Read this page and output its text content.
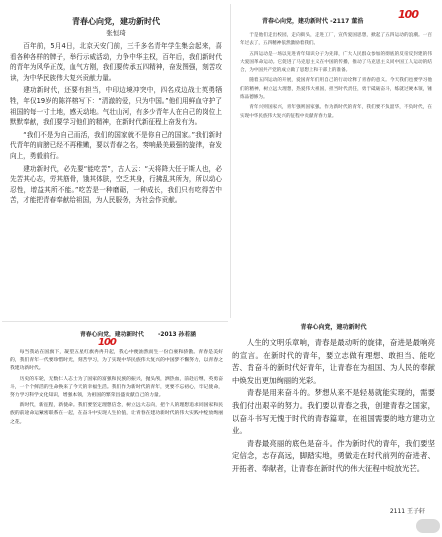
青春心向党，建功新时代
张恒琦

百年前，5月4日，北京天安门前，三千多名青年学生集会起来，喜看各种各样的牌子，举行示威活动，力争中华主权，百年后，我们新时代的青年为风华正茂，血气方刚，我们要传承五四精神，奋发图强，刻苦攻读，为中华民族伟大复兴贡献力量。

建功新时代，还要有担当，中印边境冲突中，四名戍边战士英勇牺牲，年仅19岁的陈祥榕写下：“清澈的爱，只为中国。”他们用鲜血守护了祖国的每一寸土地，感天动地。气壮山河，有多少青年人在自己的岗位上默默奉献，我们要学习他们的精神，在新时代新征程上奋发有为。

“我们不是为自己而活，我们的国家就不是你自己的国家。”我们新时代青年的肩膀已经不再稚嫩，要以青春之名，奏响最美最强的旋律，奋发向上，勇毅前行。

建功新时代，必先要“能吃苦”，古人云：“天将降大任于斯人也，必先苦其心志，劳其筋骨，饿其体肤，空乏其身，行拂乱其所为，所以动心忍性，增益其所不能。”吃苦是一种磨砺，一种成长，我们只有吃得苦中苦，才能把青春奉献给祖国，为人民服务，为社会作贡献。

青春心向党，建功新时代 -2013 孙若涵
100

每当我站在国旗下，凝望五星红旗冉冉升起，我心中便油然而生一份自豪和骄傲。青春是美好的，我们青年一代要珍惜时光，刻苦学习，为了实现中华民族伟大复兴的中国梦不懈努力，以青春之我建功新时代。

历史的车轮，无数仁人志士为了国家的富强和民族的振兴，抛头颅，洒热血，前赴后继，英勇奋斗，一个个鲜活的生命换来了今天的幸福生活。我们作为新时代的青年，更要不忘初心，牢记使命，努力学习科学文化知识，增强本领，为祖国的繁荣昌盛贡献自己的力量。

新时代，新征程，新使命。我们要坚定理想信念，树立远大志向，把个人的理想追求同国家和民族的前途命运紧密联系在一起，在奋斗中实现人生价值，让青春在建功新时代的伟大实践中绽放绚丽之花。

青春心向党，建功新时代 -2117 董浩
100

于是他们走出校园，走向街头，走进工厂，宣传爱国思想，掀起了五四运动的浪潮。一百年过去了，五四精神依然激励着我们。

五四运动是一场以先进青年知识分子为先锋，广大人民群众参加的彻底的反帝反封建的伟大爱国革命运动。它促进了马克思主义在中国的传播，推动了马克思主义同中国工人运动的结合，为中国共产党的成立做了思想上和干部上的准备。

随着五四运动的开展，爱国青年们用自己的行动诠释了青春的意义。今天我们也要学习他们的精神，树立远大理想，热爱伟大祖国，担当时代责任，勇于砥砺奋斗，练就过硬本领，锤炼品德修为。

青年兴则国家兴，青年强则国家强。作为新时代的青年，我们要不负韶华，不负时代，在实现中华民族伟大复兴的征程中贡献青春力量。

青春心向党，建功新时代

人生的文明乐章响，青春是最动听的旋律，奋进是最响亮的宣言。在新时代的青年，要立志做有理想、敢担当、能吃苦、肯奋斗的新时代好青年，让青春在为祖国、为人民的奉献中焕发出更加绚丽的光彩。

青春是用来奋斗的。梦想从来不是轻易就能实现的，需要我们付出艰辛的努力。我们要以青春之我，创建青春之国家，以奋斗书写无愧于时代的青春篇章，在祖国需要的地方建功立业。

青春最亮丽的底色是奋斗。作为新时代的青年，我们要坚定信念，志存高远，脚踏实地，勇做走在时代前列的奋进者、开拓者、奉献者，让青春在新时代的伟大征程中绽放光芒。

2111 王子轩
